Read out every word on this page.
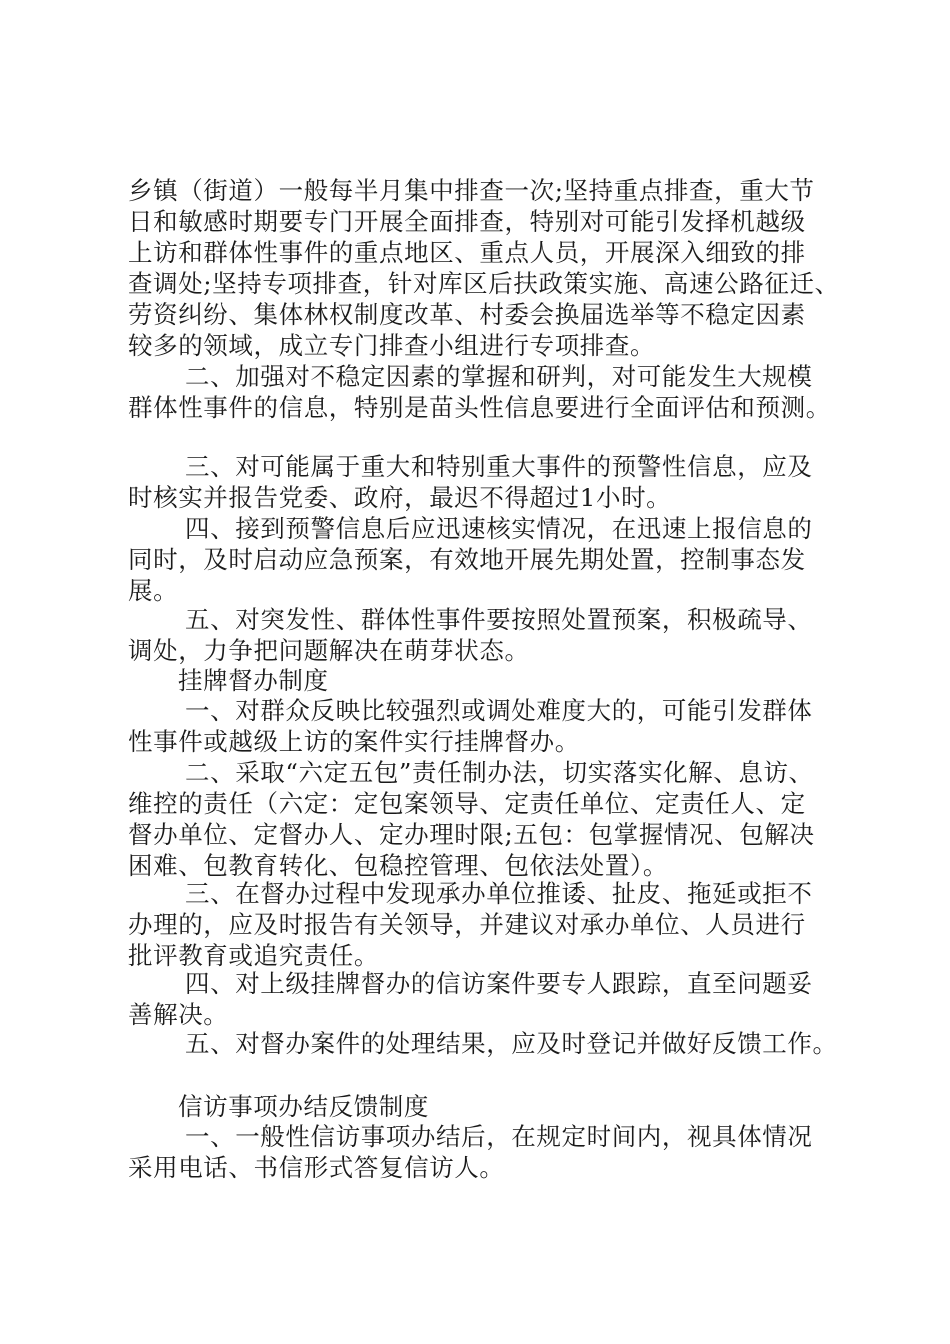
乡镇（街道）一般每半月集中排查一次;坚持重点排查，重大节
日和敏感时期要专门开展全面排查，特别对可能引发择机越级
上访和群体性事件的重点地区、重点人员，开展深入细致的排
查调处;坚持专项排查，针对库区后扶政策实施、高速公路征迁、
劳资纠纷、集体林权制度改革、村委会换届选举等不稳定因素
较多的领域，成立专门排查小组进行专项排查。
二、加强对不稳定因素的掌握和研判，对可能发生大规模
群体性事件的信息，特别是苗头性信息要进行全面评估和预测。
三、对可能属于重大和特别重大事件的预警性信息，应及
时核实并报告党委、政府，最迟不得超过1小时。
四、接到预警信息后应迅速核实情况，在迅速上报信息的
同时，及时启动应急预案，有效地开展先期处置，控制事态发
展。
五、对突发性、群体性事件要按照处置预案，积极疏导、
调处，力争把问题解决在萌芽状态。
挂牌督办制度
一、对群众反映比较强烈或调处难度大的，可能引发群体
性事件或越级上访的案件实行挂牌督办。
二、采取“六定五包”责任制办法，切实落实化解、息访、
维控的责任（六定：定包案领导、定责任单位、定责任人、定
督办单位、定督办人、定办理时限;五包：包掌握情况、包解决
困难、包教育转化、包稳控管理、包依法处置）。
三、在督办过程中发现承办单位推诿、扯皮、拖延或拒不
办理的，应及时报告有关领导，并建议对承办单位、人员进行
批评教育或追究责任。
四、对上级挂牌督办的信访案件要专人跟踪，直至问题妥
善解决。
五、对督办案件的处理结果，应及时登记并做好反馈工作。
信访事项办结反馈制度
一、一般性信访事项办结后，在规定时间内，视具体情况
采用电话、书信形式答复信访人。
